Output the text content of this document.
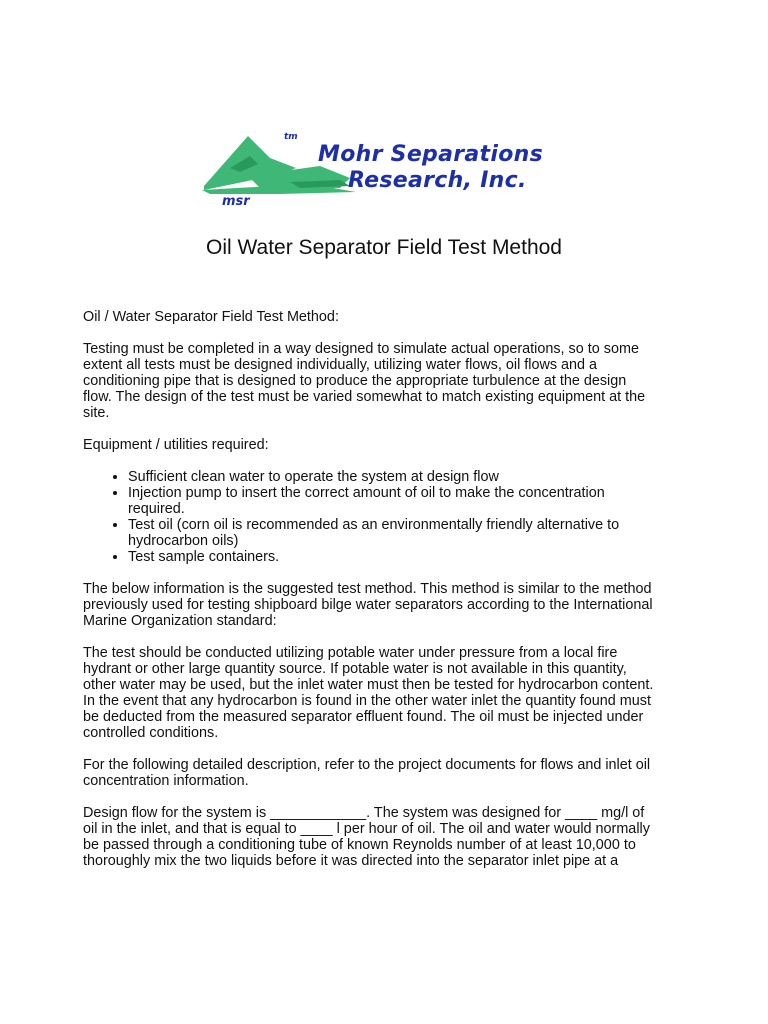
tm
Mohr Separations
Research, Inc.
msr
Oil Water Separator Field Test Method

Oil / Water Separator Field Test Method:

Testing must be completed in a way designed to simulate actual operations, so to some
extent all tests must be designed individually, utilizing water flows, oil flows and a
conditioning pipe that is designed to produce the appropriate turbulence at the design
flow. The design of the test must be varied somewhat to match existing equipment at the
site.

Equipment / utilities required:

• Sufficient clean water to operate the system at design flow
• Injection pump to insert the correct amount of oil to make the concentration
required.
• Test oil (corn oil is recommended as an environmentally friendly alternative to
hydrocarbon oils)
• Test sample containers.

The below information is the suggested test method. This method is similar to the method
previously used for testing shipboard bilge water separators according to the International
Marine Organization standard:

The test should be conducted utilizing potable water under pressure from a local fire
hydrant or other large quantity source. If potable water is not available in this quantity,
other water may be used, but the inlet water must then be tested for hydrocarbon content.
In the event that any hydrocarbon is found in the other water inlet the quantity found must
be deducted from the measured separator effluent found. The oil must be injected under
controlled conditions.

For the following detailed description, refer to the project documents for flows and inlet oil
concentration information.

Design flow for the system is ____________. The system was designed for ____ mg/l of
oil in the inlet, and that is equal to ____ l per hour of oil. The oil and water would normally
be passed through a conditioning tube of known Reynolds number of at least 10,000 to
thoroughly mix the two liquids before it was directed into the separator inlet pipe at a
